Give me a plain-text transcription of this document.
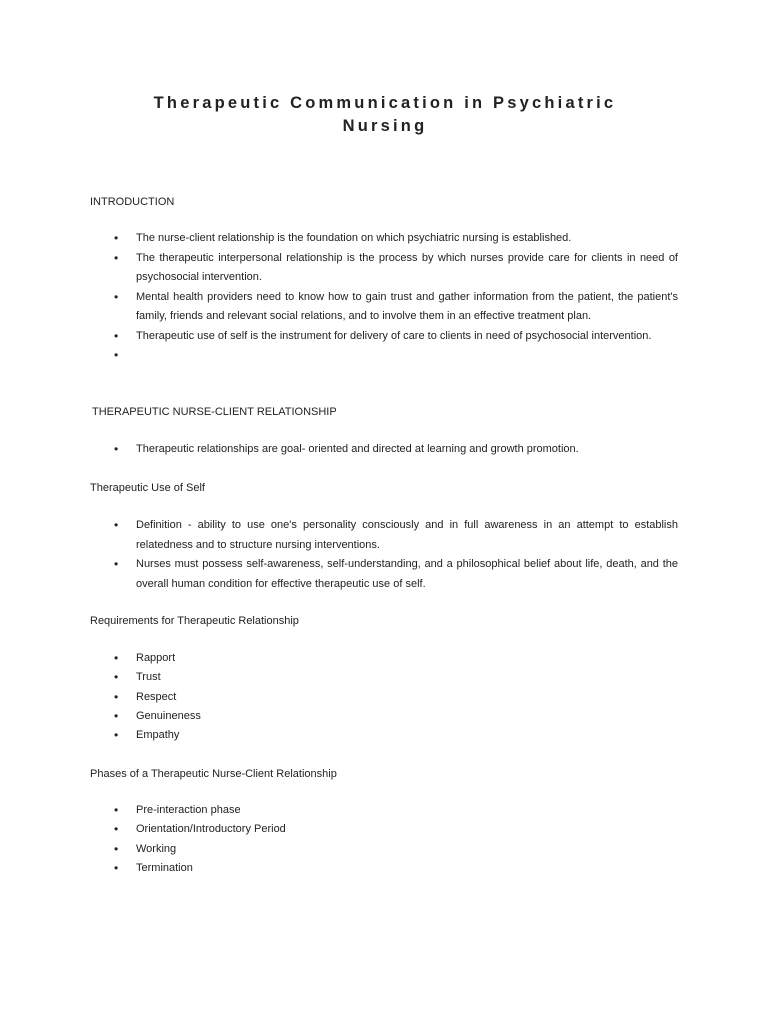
Therapeutic Communication in Psychiatric Nursing

INTRODUCTION

• The nurse-client relationship is the foundation on which psychiatric nursing is established.
• The therapeutic interpersonal relationship is the process by which nurses provide care for clients in need of psychosocial intervention.
• Mental health providers need to know how to gain trust and gather information from the patient, the patient's family, friends and relevant social relations, and to involve them in an effective treatment plan.
• Therapeutic use of self is the instrument for delivery of care to clients in need of psychosocial intervention.

THERAPEUTIC NURSE-CLIENT RELATIONSHIP

• Therapeutic relationships are goal- oriented and directed at learning and growth promotion.

Therapeutic Use of Self

• Definition - ability to use one's personality consciously and in full awareness in an attempt to establish relatedness and to structure nursing interventions.
• Nurses must possess self-awareness, self-understanding, and a philosophical belief about life, death, and the overall human condition for effective therapeutic use of self.

Requirements for Therapeutic Relationship

• Rapport
• Trust
• Respect
• Genuineness
• Empathy

Phases of a Therapeutic Nurse-Client Relationship

• Pre-interaction phase
• Orientation/Introductory Period
• Working
• Termination
